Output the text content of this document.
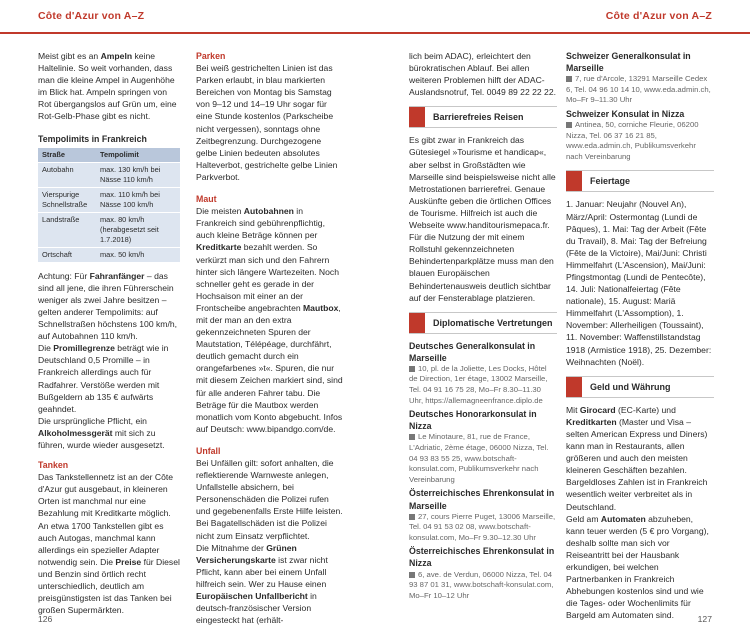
Côte d'Azur von A–Z	Côte d'Azur von A–Z

Meist gibt es an Ampeln keine Haltelinie. So weit vorhanden, dass man die kleine Ampel in Augenhöhe im Blick hat. Ampeln springen von Rot übergangslos auf Grün um, eine Rot-Gelb-Phase gibt es nicht.

Tempolimits in Frankreich
Straße	Tempolimit
Autobahn	max. 130 km/h bei Nässe 110 km/h
Vierspurige Schnellstraße	max. 110 km/h bei Nässe 100 km/h
Landstraße	max. 80 km/h (herabgesetzt seit 1.7.2018)
Ortschaft	max. 50 km/h

Achtung: Für Fahranfänger – das sind all jene, die ihren Führerschein weniger als zwei Jahre besitzen – gelten anderer Tempolimits: auf Schnellstraßen höchstens 100 km/h, auf Autobahnen 110 km/h.

Die Promillegrenze beträgt wie in Deutschland 0,5 Promille – in Frankreich allerdings auch für Radfahrer. Verstöße werden mit Bußgeldern ab 135 € aufwärts geahndet.

Die ursprüngliche Pflicht, ein Alkoholmessgerät mit sich zu führen, wurde wieder ausgesetzt.

Tanken

Das Tankstellennetz ist an der Côte d'Azur gut ausgebaut, in kleineren Orten ist manchmal nur eine Bezahlung mit Kreditkarte möglich. An etwa 1700 Tankstellen gibt es auch Autogas, manchmal kann allerdings ein spezieller Adapter notwendig sein. Die Preise für Diesel und Benzin sind örtlich recht unterschiedlich, deutlich am preisgünstigsten ist das Tanken bei großen Supermärkten.

Parken

Bei weiß gestrichelten Linien ist das Parken erlaubt, in blau markierten Bereichen von Montag bis Samstag von 9–12 und 14–19 Uhr sogar für eine Stunde kostenlos (Parkscheibe nicht vergessen), sonntags ohne Zeitbegrenzung. Durchgezogene gelbe Linien bedeuten absolutes Halteverbot, gestrichelte gelbe Linien Parkverbot.

Maut

Die meisten Autobahnen in Frankreich sind gebührenpflichtig, auch kleine Beträge können per Kreditkarte bezahlt werden. So verkürzt man sich und den Fahrern hinter sich längere Wartezeiten. Noch schneller geht es gerade in der Hochsaison mit einer an der Frontscheibe angebrachten Mautbox, mit der man an den extra gekennzeichneten Spuren der Mautstation, Télépéage, durchfährt, deutlich gemacht durch ein orangefarbenes »t«. Spuren, die nur mit diesem Zeichen markiert sind, sind für alle anderen Fahrer tabu. Die Beträge für die Mautbox werden monatlich vom Konto abgebucht. Infos auf Deutsch: www.bipandgo.com/de.

Unfall

Bei Unfällen gilt: sofort anhalten, die reflektierende Warnweste anlegen, Unfallstelle absichern, bei Personenschäden die Polizei rufen und gegebenenfalls Erste Hilfe leisten. Bei Bagatellschäden ist die Polizei nicht zum Einsatz verpflichtet.

Die Mitnahme der Grünen Versicherungskarte ist zwar nicht Pflicht, kann aber bei einem Unfall hilfreich sein. Wer zu Hause einen Europäischen Unfallbericht in deutsch-französischer Version eingesteckt hat (erhält-

lich beim ADAC), erleichtert den bürokratischen Ablauf. Bei allen weiteren Problemen hilft der ADAC-Auslandsnotruf, Tel. 0049 89 22 22 22.

Barrierefreies Reisen

Es gibt zwar in Frankreich das Gütesiegel »Tourisme et handicap«, aber selbst in Großstädten wie Marseille sind beispielsweise nicht alle Metrostationen barrierefrei. Genaue Auskünfte geben die örtlichen Offices de Tourisme. Hilfreich ist auch die Webseite www.handitourismepaca.fr.

Für die Nutzung der mit einem Rollstuhl gekennzeichneten Behindertenparkplätze muss man den blauen Europäischen Behindertenausweis deutlich sichtbar auf der Fensterablage platzieren.

Diplomatische Vertretungen
Deutsches Generalkonsulat in Marseille
10, pl. de la Joliette, Les Docks, Hôtel de Direction, 1er étage, 13002 Marseille, Tel. 04 91 16 75 28, Mo–Fr 8.30–11.30 Uhr, https://allemagneenfrance.diplo.de
Deutsches Honorarkonsulat in Nizza
Le Minotaure, 81, rue de France, L'Adriatic, 2ème étage, 06000 Nizza, Tel. 04 93 83 55 25, www.botschaft-konsulat.com, Publikumsverkehr nach Vereinbarung
Österreichisches Ehrenkonsulat in Marseille
27, cours Pierre Puget, 13006 Marseille, Tel. 04 91 53 02 08, www.botschaft-konsulat.com, Mo–Fr 9.30–12.30 Uhr
Österreichisches Ehrenkonsulat in Nizza
6, ave. de Verdun, 06000 Nizza, Tel. 04 93 87 01 31, www.botschaft-konsulat.com, Mo–Fr 10–12 Uhr
Schweizer Generalkonsulat in Marseille
7, rue d'Arcole, 13291 Marseille Cedex 6, Tel. 04 96 10 14 10, www.eda.admin.ch, Mo–Fr 9–11.30 Uhr
Schweizer Konsulat in Nizza
Antinea, 50, corniche Fleurie, 06200 Nizza, Tel. 06 37 16 21 85, www.eda.admin.ch, Publikumsverkehr nach Vereinbarung
Feiertage

1. Januar: Neujahr (Nouvel An), März/April: Ostermontag (Lundi de Pâques), 1. Mai: Tag der Arbeit (Fête du Travail), 8. Mai: Tag der Befreiung (Fête de la Victoire), Mai/Juni: Christi Himmelfahrt (L'Ascension), Mai/Juni: Pfingstmontag (Lundi de Pentecôte), 14. Juli: Nationalfeiertag (Fête nationale), 15. August: Mariä Himmelfahrt (L'Assomption), 1. November: Allerheiligen (Toussaint), 11. November: Waffenstillstandstag 1918 (Armistice 1918), 25. Dezember: Weihnachten (Noël).

Geld und Währung

Mit Girocard (EC-Karte) und Kreditkarten (Master und Visa – selten American Express und Diners) kann man in Restaurants, allen größeren und auch den meisten kleineren Geschäften bezahlen. Bargeldloses Zahlen ist in Frankreich wesentlich weiter verbreitet als in Deutschland.

Geld am Automaten abzuheben, kann teuer werden (5 € pro Vorgang), deshalb sollte man sich vor Reiseantritt bei der Hausbank erkundigen, bei welchen Partnerbanken in Frankreich Abhebungen kostenlos sind und wie die Tages- oder Wochenlimits für Bargeld am Automaten sind.

126	127
